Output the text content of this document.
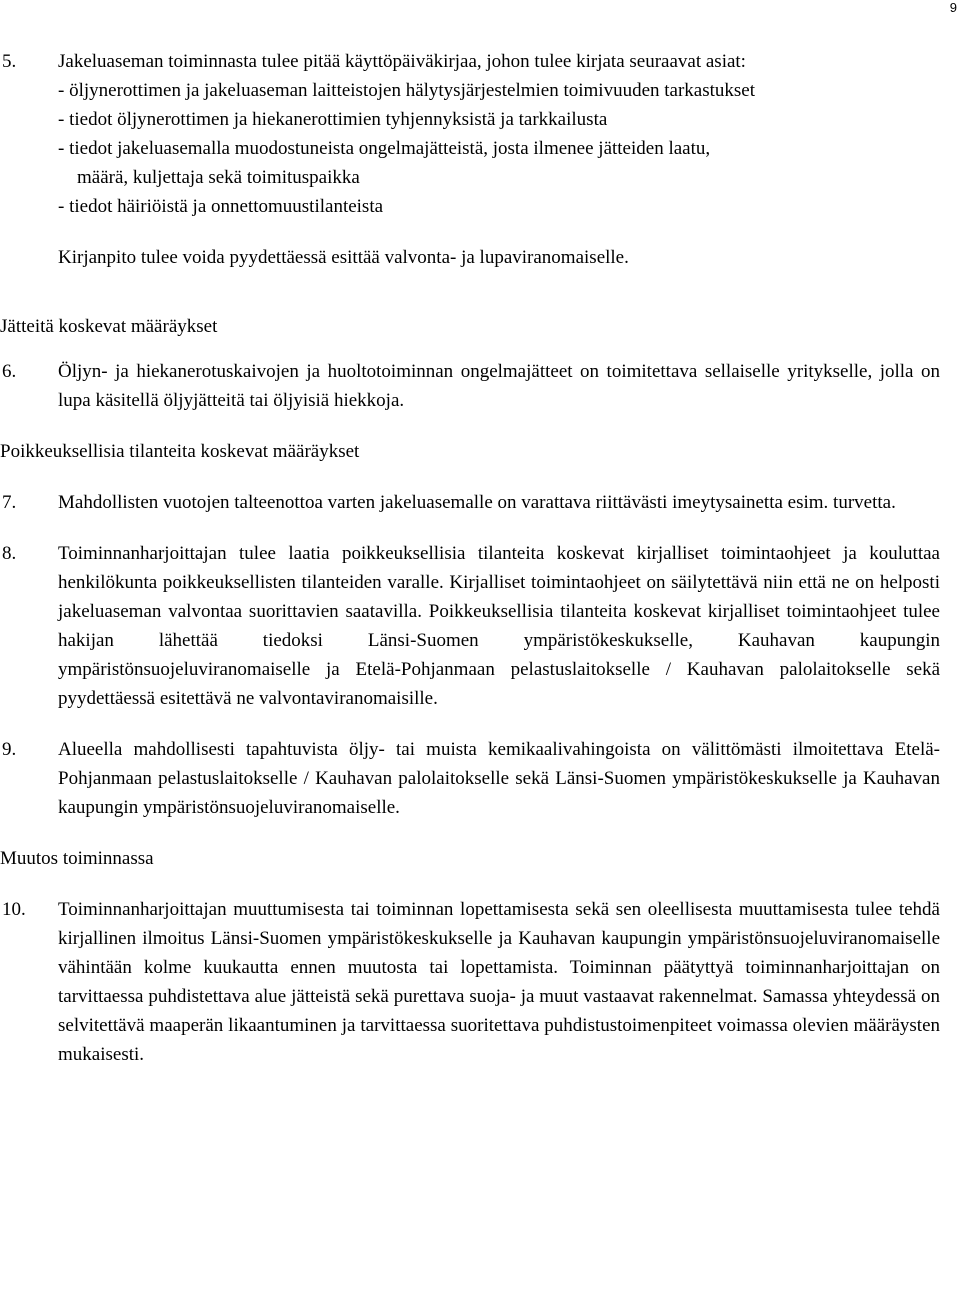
9
5.	Jakeluaseman toiminnasta tulee pitää käyttöpäiväkirjaa, johon tulee kirjata seuraavat asiat:
- öljynerottimen ja jakeluaseman laitteistojen hälytysjärjestelmien toimivuuden tarkastukset
- tiedot öljynerottimen ja hiekanerottimien tyhjennyksistä ja tarkkailusta
- tiedot jakeluasemalla muodostuneista ongelmajätteistä, josta ilmenee jätteiden laatu,
määrä, kuljettaja sekä toimituspaikka
- tiedot häiriöistä ja onnettomuustilanteista
Kirjanpito tulee voida pyydettäessä esittää valvonta- ja lupaviranomaiselle.
Jätteitä koskevat määräykset
6.	Öljyn- ja hiekanerotuskaivojen ja huoltotoiminnan ongelmajätteet on toimitettava sellaiselle yritykselle, jolla on lupa käsitellä öljyjätteitä tai öljyisiä hiekkoja.
Poikkeuksellisia tilanteita koskevat määräykset
7.	Mahdollisten vuotojen talteenottoa varten jakeluasemalle on varattava riittävästi imeytysainetta esim. turvetta.
8.	Toiminnanharjoittajan tulee laatia poikkeuksellisia tilanteita koskevat kirjalliset toimintaohjeet ja kouluttaa henkilökunta poikkeuksellisten tilanteiden varalle. Kirjalliset toimintaohjeet on säilytettävä niin että ne on helposti jakeluaseman valvontaa suorittavien saatavilla. Poikkeuksellisia tilanteita koskevat kirjalliset toimintaohjeet tulee hakijan lähettää tiedoksi Länsi-Suomen ympäristökeskukselle, Kauhavan kaupungin ympäristönsuojeluviranomaiselle ja Etelä-Pohjanmaan pelastuslaitokselle / Kauhavan palolaitokselle sekä pyydettäessä esitettävä ne valvontaviranomaisille.
9.	Alueella mahdollisesti tapahtuvista öljy- tai muista kemikaalivahingoista on välittömästi ilmoitettava Etelä-Pohjanmaan pelastuslaitokselle / Kauhavan palolaitokselle sekä Länsi-Suomen ympäristökeskukselle ja Kauhavan kaupungin ympäristönsuojeluviranomaiselle.
Muutos toiminnassa
10.	Toiminnanharjoittajan muuttumisesta tai toiminnan lopettamisesta sekä sen oleellisesta muuttamisesta tulee tehdä kirjallinen ilmoitus Länsi-Suomen ympäristökeskukselle ja Kauhavan kaupungin ympäristönsuojeluviranomaiselle vähintään kolme kuukautta ennen muutosta tai lopettamista. Toiminnan päätyttyä toiminnanharjoittajan on tarvittaessa puhdistettava alue jätteistä sekä purettava suoja- ja muut vastaavat rakennelmat. Samassa yhteydessä on selvitettävä maaperän likaantuminen ja tarvittaessa suoritettava puhdistustoimenpiteet voimassa olevien määräysten mukaisesti.
